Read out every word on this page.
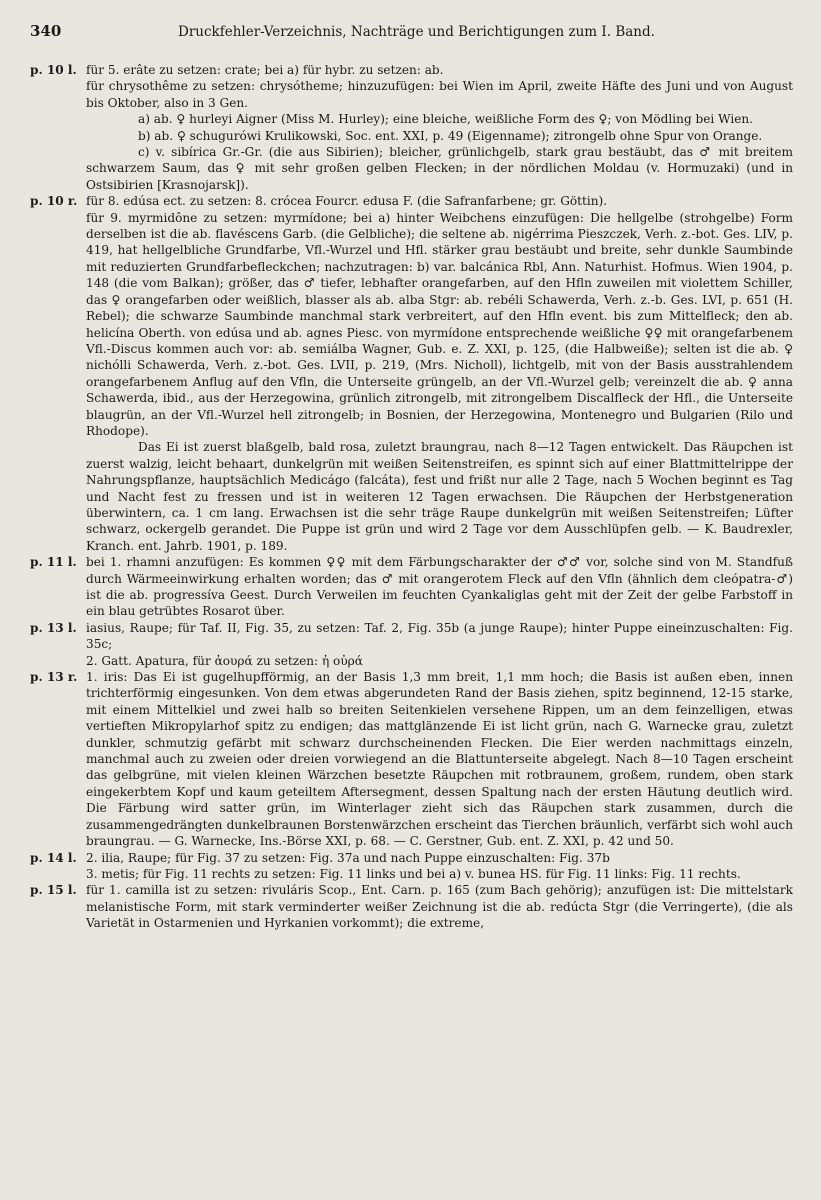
340	Druckfehler-Verzeichnis, Nachträge und Berichtigungen zum I. Band.
p. 10 l. für 5. erâte zu setzen: crate; bei a) für hybr. zu setzen: ab.

für chrysothême zu setzen: chrysótheme; hinzuzufügen: bei Wien im April, zweite Häfte des Juni und von August bis Oktober, also in 3 Gen.

a) ab. ♀ hurleyi Aigner (Miss M. Hurley); eine bleiche, weißliche Form des ♀; von Mödling bei Wien.

b) ab. ♀ schugurówi Krulikowski, Soc. ent. XXI, p. 49 (Eigenname); zitrongelb ohne Spur von Orange.

c) v. sibírica Gr.-Gr. (die aus Sibirien); bleicher, grünlichgelb, stark grau bestäubt, das ♂ mit breitem schwarzem Saum, das ♀ mit sehr großen gelben Flecken; in der nördlichen Moldau (v. Hormuzaki) (und in Ostsibirien [Krasnojarsk]).

p. 10 r. für 8. edúsa ect. zu setzen: 8. crócea Fourcr. edusa F. (die Safranfarbene; gr. Göttin).

für 9. myrmidône zu setzen: myrmídone; bei a) hinter Weibchens einzufügen: Die hellgelbe (strohgelbe) Form derselben ist die ab. flavéscens Garb. (die Gelbliche); die seltene ab. nigérrima Pieszczek, Verh. z.-bot. Ges. LIV, p. 419, hat hellgelbliche Grundfarbe, Vfl.-Wurzel und Hfl. stärker grau bestäubt und breite, sehr dunkle Saumbinde mit reduzierten Grundfarbefleckchen; nachzutragen: b) var. balcánica Rbl, Ann. Naturhist. Hofmus. Wien 1904, p. 148 (die vom Balkan); größer, das ♂ tiefer, lebhafter orangefarben, auf den Hfln zuweilen mit violettem Schiller, das ♀ orangefarben oder weißlich, blasser als ab. alba Stgr: ab. rebéli Schawerda, Verh. z.-b. Ges. LVI, p. 651 (H. Rebel); die schwarze Saumbinde manchmal stark verbreitert, auf den Hfln event. bis zum Mittelfleck; den ab. helicína Oberth. von edúsa und ab. agnes Piesc. von myrmídone entsprechende weißliche ♀♀ mit orangefarbenem Vfl.-Discus kommen auch vor: ab. semiálba Wagner, Gub. e. Z. XXI, p. 125, (die Halbweiße); selten ist die ab. ♀ nichólli Schawerda, Verh. z.-bot. Ges. LVII, p. 219, (Mrs. Nicholl), lichtgelb, mit von der Basis ausstrahlendem orangefarbenem Anflug auf den Vfln, die Unterseite grüngelb, an der Vfl.-Wurzel gelb; vereinzelt die ab. ♀ anna Schawerda, ibid., aus der Herzegowina, grünlich zitrongelb, mit zitrongelbem Discalfleck der Hfl., die Unterseite blaugrün, an der Vfl.-Wurzel hell zitrongelb; in Bosnien, der Herzegowina, Montenegro und Bulgarien (Rilo und Rhodope).

Das Ei ist zuerst blaßgelb, bald rosa, zuletzt braungrau, nach 8—12 Tagen entwickelt. Das Räupchen ist zuerst walzig, leicht behaart, dunkelgrün mit weißen Seitenstreifen, es spinnt sich auf einer Blattmittelrippe der Nahrungspflanze, hauptsächlich Medicágo (falcáta), fest und frißt nur alle 2 Tage, nach 5 Wochen beginnt es Tag und Nacht fest zu fressen und ist in weiteren 12 Tagen erwachsen. Die Räupchen der Herbstgeneration überwintern, ca. 1 cm lang. Erwachsen ist die sehr träge Raupe dunkelgrün mit weißen Seitenstreifen; Lüfter schwarz, ockergelb gerandet. Die Puppe ist grün und wird 2 Tage vor dem Ausschlüpfen gelb. — K. Baudrexler, Kranch. ent. Jahrb. 1901, p. 189.

p. 11 l. bei 1. rhamni anzufügen: Es kommen ♀♀ mit dem Färbungscharakter der ♂♂ vor, solche sind von M. Standfuß durch Wärmeeinwirkung erhalten worden; das ♂ mit orangerotem Fleck auf den Vfln (ähnlich dem cleópatra-♂) ist die ab. progressíva Geest. Durch Verweilen im feuchten Cyankaliglas geht mit der Zeit der gelbe Farbstoff in ein blau getrübtes Rosarot über.

p. 13 l. iasius, Raupe; für Taf. II, Fig. 35, zu setzen: Taf. 2, Fig. 35b (a junge Raupe); hinter Puppe eineinzuschalten: Fig. 35c;

2. Gatt. Apatura, für ἀουρά zu setzen: ἡ οὐρά

p. 13 r. 1. iris: Das Ei ist gugelhupfförmig, an der Basis 1,3 mm breit, 1,1 mm hoch; die Basis ist außen eben, innen trichterförmig eingesunken. Von dem etwas abgerundeten Rand der Basis ziehen, spitz beginnend, 12-15 starke, mit einem Mittelkiel und zwei halb so breiten Seitenkielen versehene Rippen, um an dem feinzelligen, etwas vertieften Mikropylarhof spitz zu endigen; das mattglänzende Ei ist licht grün, nach G. Warnecke grau, zuletzt dunkler, schmutzig gefärbt mit schwarz durchscheinenden Flecken. Die Eier werden nachmittags einzeln, manchmal auch zu zweien oder dreien vorwiegend an die Blattunterseite abgelegt. Nach 8—10 Tagen erscheint das gelbgrüne, mit vielen kleinen Wärzchen besetzte Räupchen mit rotbraunem, großem, rundem, oben stark eingekerbtem Kopf und kaum geteiltem Aftersegment, dessen Spaltung nach der ersten Häutung deutlich wird. Die Färbung wird satter grün, im Winterlager zieht sich das Räupchen stark zusammen, durch die zusammengedrängten dunkelbraunen Borstenwärzchen erscheint das Tierchen bräunlich, verfärbt sich wohl auch braungrau. — G. Warnecke, Ins.-Börse XXI, p. 68. — C. Gerstner, Gub. ent. Z. XXI, p. 42 und 50.

p. 14 l. 2. ilia, Raupe; für Fig. 37 zu setzen: Fig. 37a und nach Puppe einzuschalten: Fig. 37b

3. metis; für Fig. 11 rechts zu setzen: Fig. 11 links und bei a) v. bunea HS. für Fig. 11 links: Fig. 11 rechts.

p. 15 l. für 1. camilla ist zu setzen: rivuláris Scop., Ent. Carn. p. 165 (zum Bach gehörig); anzufügen ist: Die mittelstark melanistische Form, mit stark verminderter weißer Zeichnung ist die ab. redúcta Stgr (die Verringerte), (die als Varietät in Ostarmenien und Hyrkanien vorkommt); die extreme,
